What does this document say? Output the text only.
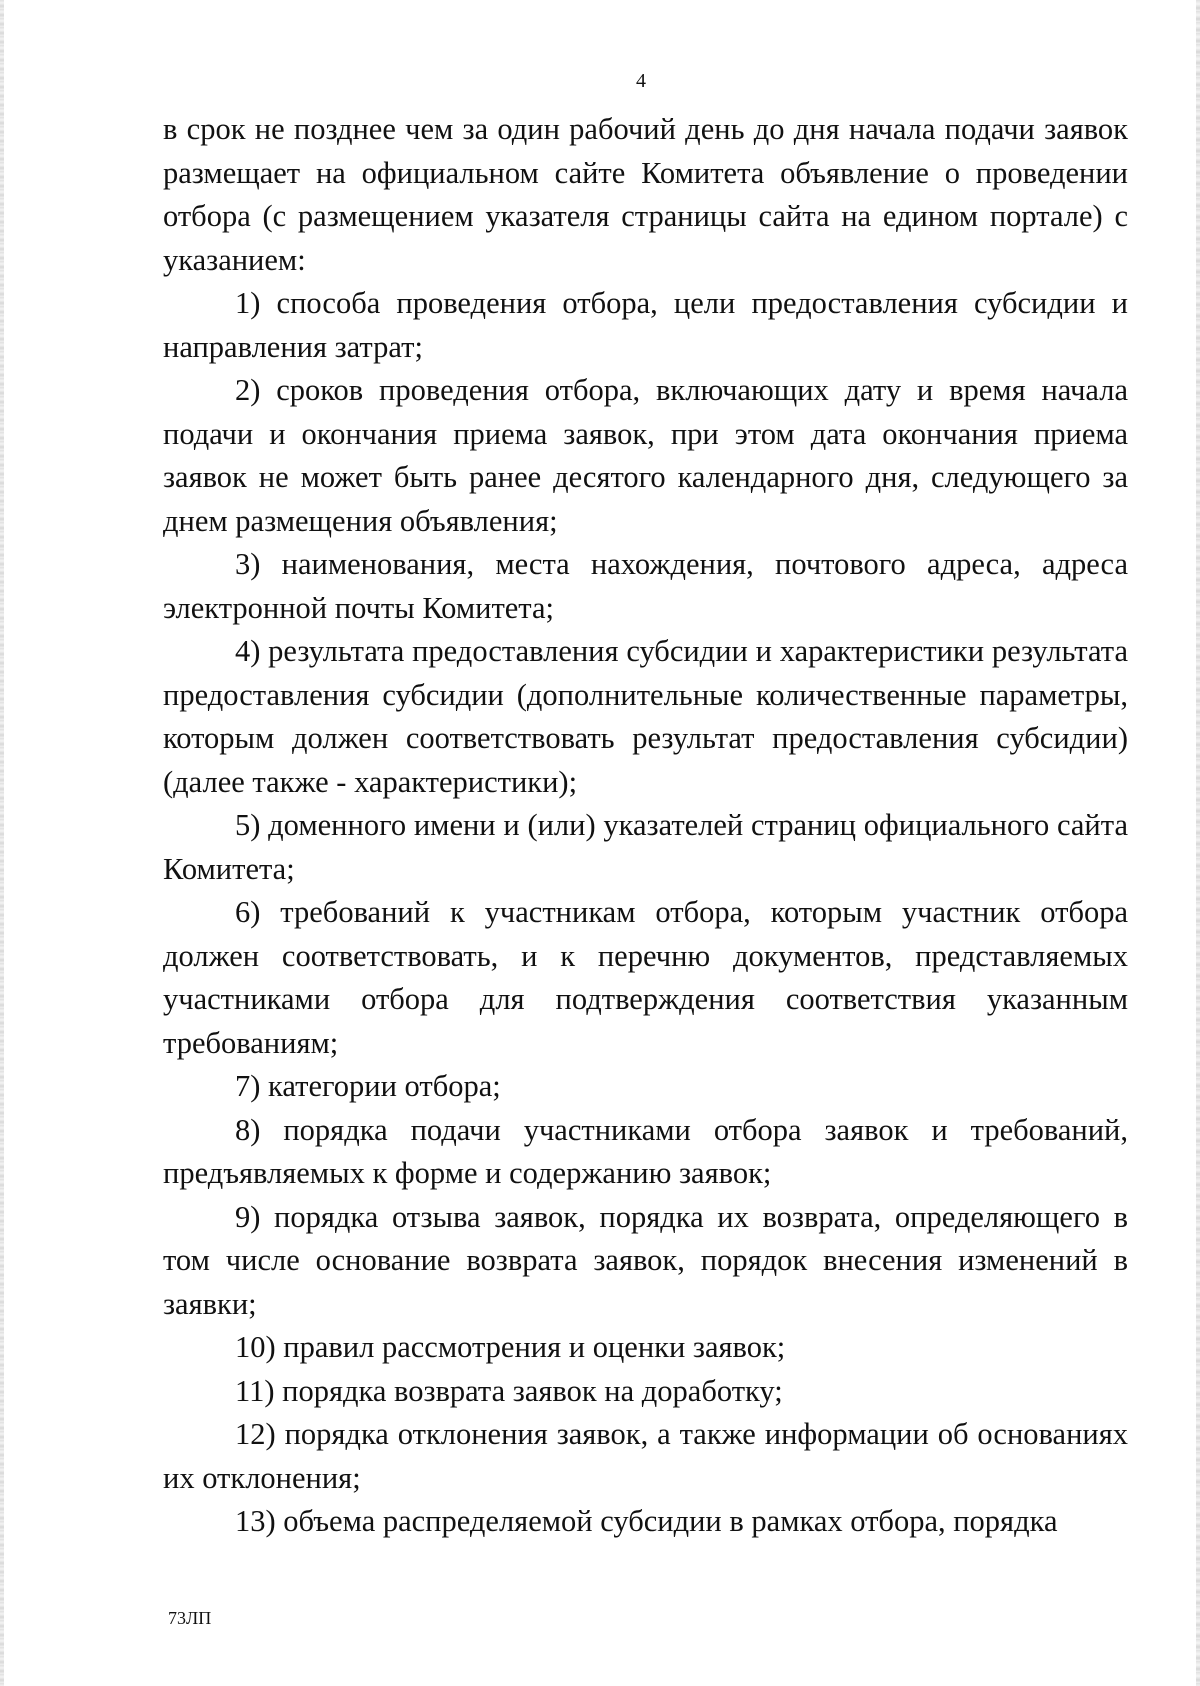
4

в срок не позднее чем за один рабочий день до дня начала подачи заявок размещает на официальном сайте Комитета объявление о проведении отбора (с размещением указателя страницы сайта на едином портале) с указанием:

1) способа проведения отбора, цели предоставления субсидии и направления затрат;

2) сроков проведения отбора, включающих дату и время начала подачи и окончания приема заявок, при этом дата окончания приема заявок не может быть ранее десятого календарного дня, следующего за днем размещения объявления;

3) наименования, места нахождения, почтового адреса, адреса электронной почты Комитета;

4) результата предоставления субсидии и характеристики результата предоставления субсидии (дополнительные количественные параметры, которым должен соответствовать результат предоставления субсидии) (далее также - характеристики);

5) доменного имени и (или) указателей страниц официального сайта Комитета;

6) требований к участникам отбора, которым участник отбора должен соответствовать, и к перечню документов, представляемых участниками отбора для подтверждения соответствия указанным требованиям;

7) категории отбора;

8) порядка подачи участниками отбора заявок и требований, предъявляемых к форме и содержанию заявок;

9) порядка отзыва заявок, порядка их возврата, определяющего в том числе основание возврата заявок, порядок внесения изменений в заявки;

10) правил рассмотрения и оценки заявок;

11) порядка возврата заявок на доработку;

12) порядка отклонения заявок, а также информации об основаниях их отклонения;

13) объема распределяемой субсидии в рамках отбора, порядка

73ЛП
